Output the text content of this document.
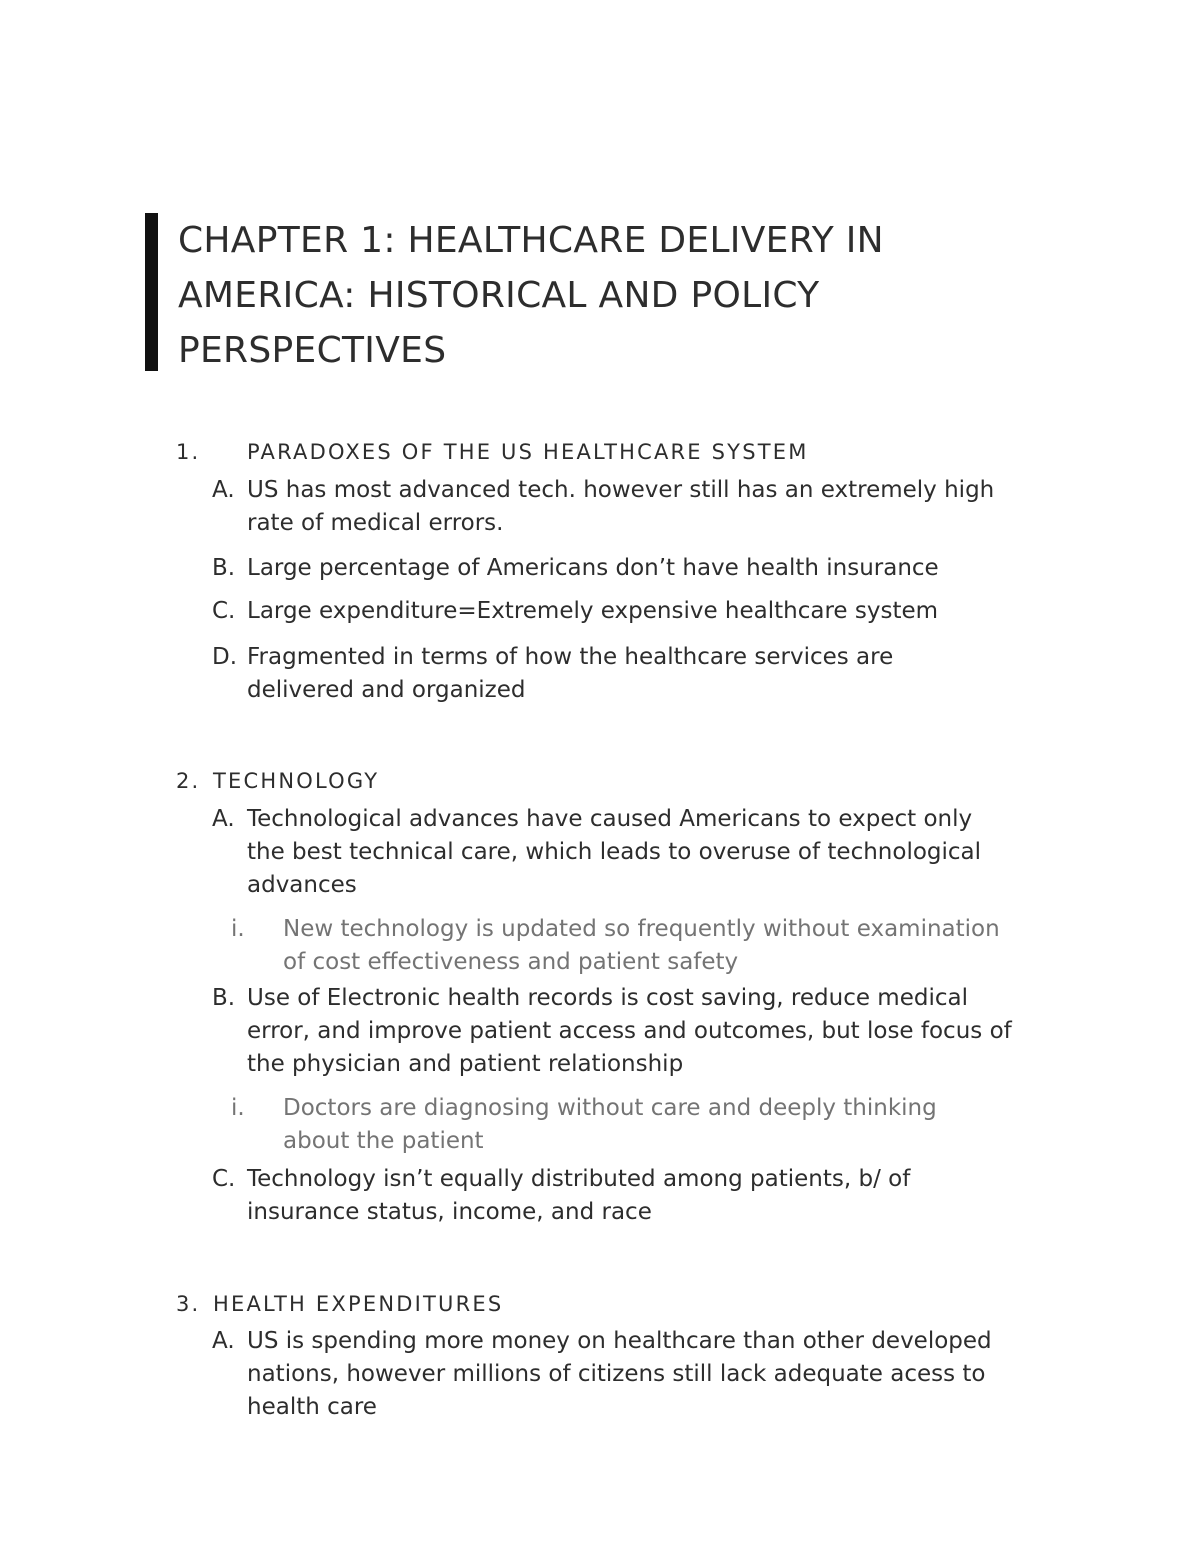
CHAPTER 1: HEALTHCARE DELIVERY IN AMERICA: HISTORICAL AND POLICY PERSPECTIVES
1. PARADOXES OF THE US HEALTHCARE SYSTEM
A. US has most advanced tech. however still has an extremely high rate of medical errors.
B. Large percentage of Americans don’t have health insurance
C. Large expenditure=Extremely expensive healthcare system
D. Fragmented in terms of how the healthcare services are delivered and organized
2. TECHNOLOGY
A. Technological advances have caused Americans to expect only the best technical care, which leads to overuse of technological advances
i.	New technology is updated so frequently without examination of cost effectiveness and patient safety
B. Use of Electronic health records is cost saving, reduce medical error, and improve patient access and outcomes, but lose focus of the physician and patient relationship
i.	Doctors are diagnosing without care and deeply thinking about the patient
C. Technology isn’t equally distributed among patients, b/ of insurance status, income, and race
3. HEALTH EXPENDITURES
A. US is spending more money on healthcare than other developed nations, however millions of citizens still lack adequate acess to health care
